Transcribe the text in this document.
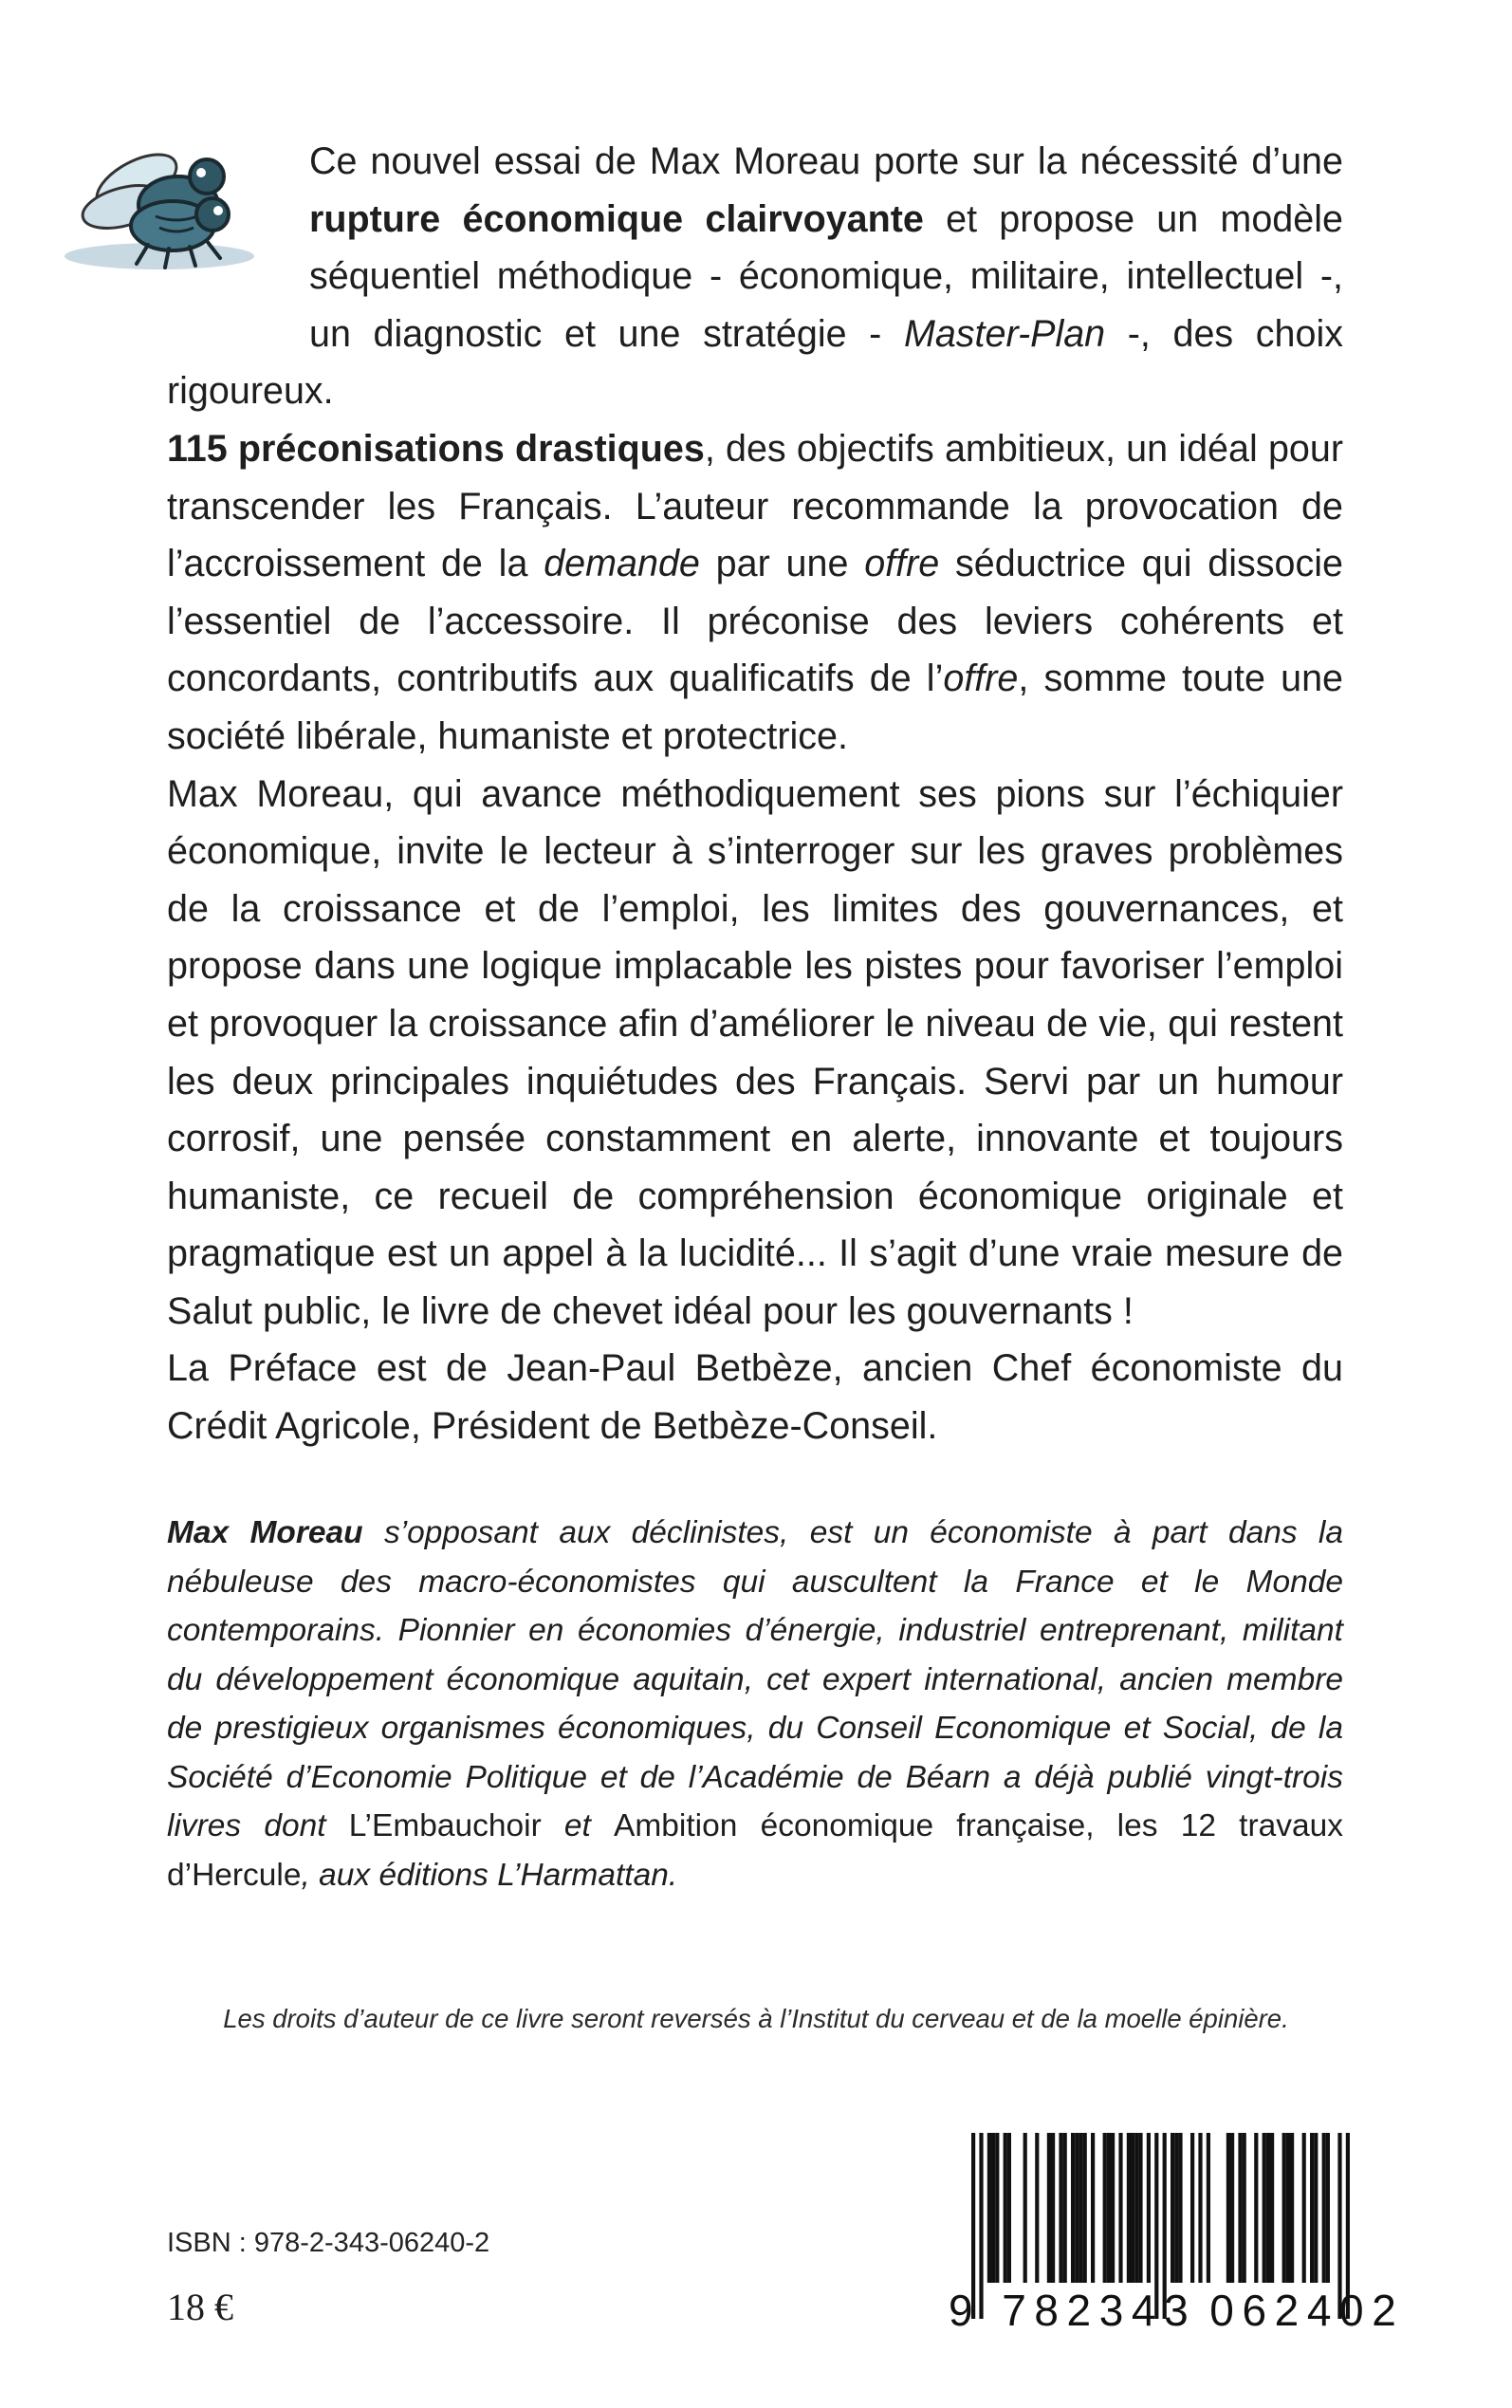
Ce nouvel essai de Max Moreau porte sur la nécessité d’une rupture économique clairvoyante et propose un modèle séquentiel méthodique - économique, militaire, intellectuel -, un diagnostic et une stratégie - Master-Plan -, des choix rigoureux.

115 préconisations drastiques, des objectifs ambitieux, un idéal pour transcender les Français. L’auteur recommande la provocation de l’accroissement de la demande par une offre séductrice qui dissocie l’essentiel de l’accessoire. Il préconise des leviers cohérents et concordants, contributifs aux qualificatifs de l’offre, somme toute une société libérale, humaniste et protectrice.

Max Moreau, qui avance méthodiquement ses pions sur l’échiquier économique, invite le lecteur à s’interroger sur les graves problèmes de la croissance et de l’emploi, les limites des gouvernances, et propose dans une logique implacable les pistes pour favoriser l’emploi et provoquer la croissance afin d’améliorer le niveau de vie, qui restent les deux principales inquiétudes des Français. Servi par un humour corrosif, une pensée constamment en alerte, innovante et toujours humaniste, ce recueil de compréhension économique originale et pragmatique est un appel à la lucidité... Il s’agit d’une vraie mesure de Salut public, le livre de chevet idéal pour les gouvernants !

La Préface est de Jean-Paul Betbèze, ancien Chef économiste du Crédit Agricole, Président de Betbèze-Conseil.

Max Moreau s’opposant aux déclinistes, est un économiste à part dans la nébuleuse des macro-économistes qui auscultent la France et le Monde contemporains. Pionnier en économies d’énergie, industriel entreprenant, militant du développement économique aquitain, cet expert international, ancien membre de prestigieux organismes économiques, du Conseil Economique et Social, de la Société d’Economie Politique et de l’Académie de Béarn a déjà publié vingt-trois livres dont L’Embauchoir et Ambition économique française, les 12 travaux d’Hercule, aux éditions L’Harmattan.
Les droits d’auteur de ce livre seront reversés à l’Institut du cerveau et de la moelle épinière.
ISBN : 978-2-343-06240-2
18 €	9 782343 062402
